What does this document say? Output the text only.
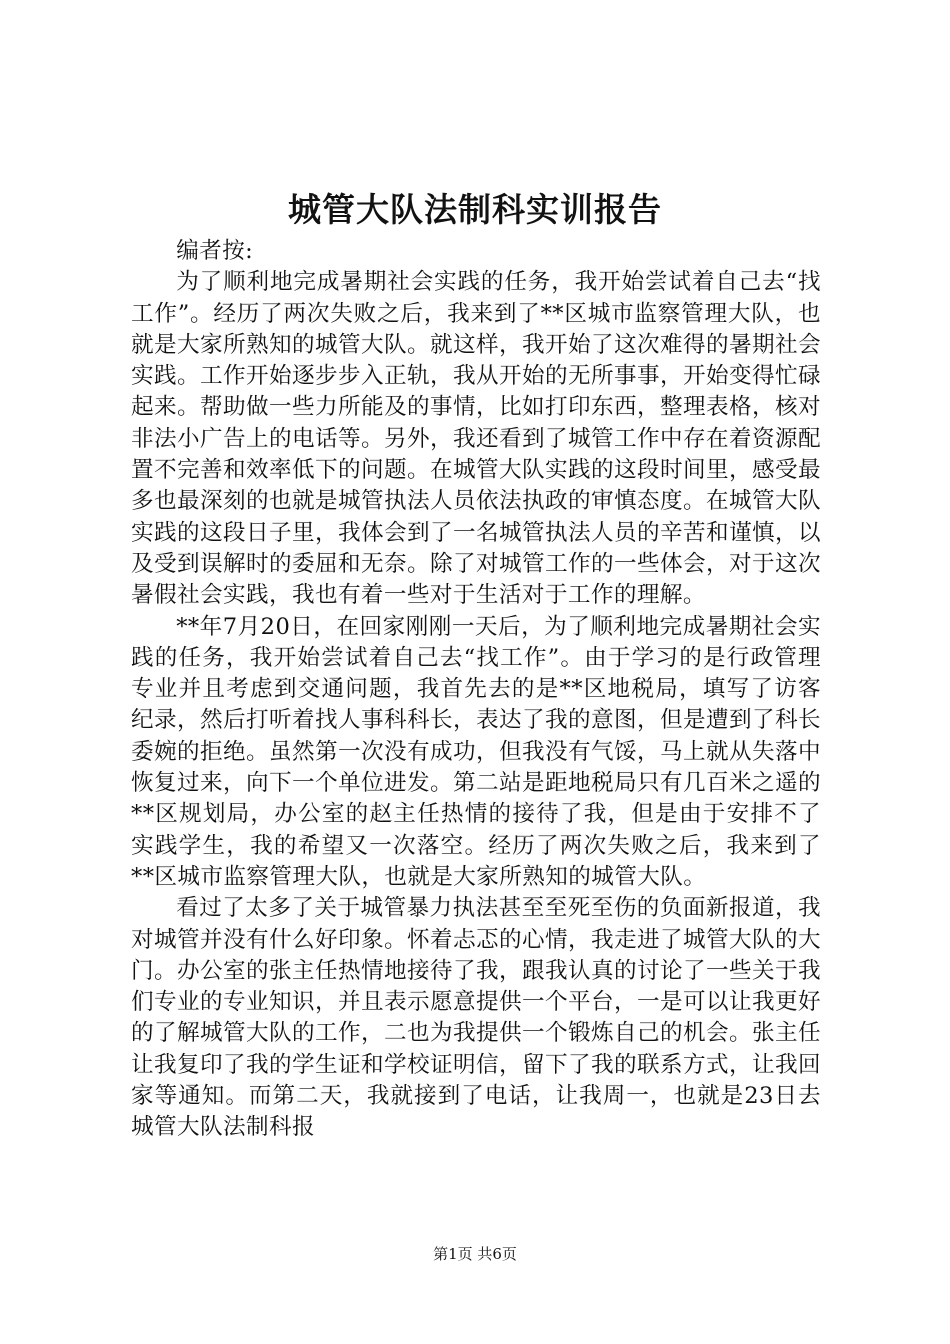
城管大队法制科实训报告

编者按:

为了顺利地完成暑期社会实践的任务，我开始尝试着自己去“找工作”。经历了两次失败之后，我来到了**区城市监察管理大队，也就是大家所熟知的城管大队。就这样，我开始了这次难得的暑期社会实践。工作开始逐步步入正轨，我从开始的无所事事，开始变得忙碌起来。帮助做一些力所能及的事情，比如打印东西，整理表格，核对非法小广告上的电话等。另外，我还看到了城管工作中存在着资源配置不完善和效率低下的问题。在城管大队实践的这段时间里，感受最多也最深刻的也就是城管执法人员依法执政的审慎态度。在城管大队实践的这段日子里，我体会到了一名城管执法人员的辛苦和谨慎，以及受到误解时的委屈和无奈。除了对城管工作的一些体会，对于这次暑假社会实践，我也有着一些对于生活对于工作的理解。

**年7月20日，在回家刚刚一天后，为了顺利地完成暑期社会实践的任务，我开始尝试着自己去“找工作”。由于学习的是行政管理专业并且考虑到交通问题，我首先去的是**区地税局，填写了访客纪录，然后打听着找人事科科长，表达了我的意图，但是遭到了科长委婉的拒绝。虽然第一次没有成功，但我没有气馁，马上就从失落中恢复过来，向下一个单位进发。第二站是距地税局只有几百米之遥的**区规划局，办公室的赵主任热情的接待了我，但是由于安排不了实践学生，我的希望又一次落空。经历了两次失败之后，我来到了**区城市监察管理大队，也就是大家所熟知的城管大队。

看过了太多了关于城管暴力执法甚至至死至伤的负面新报道，我对城管并没有什么好印象。怀着忐忑的心情，我走进了城管大队的大门。办公室的张主任热情地接待了我，跟我认真的讨论了一些关于我们专业的专业知识，并且表示愿意提供一个平台，一是可以让我更好的了解城管大队的工作，二也为我提供一个锻炼自己的机会。张主任让我复印了我的学生证和学校证明信，留下了我的联系方式，让我回家等通知。而第二天，我就接到了电话，让我周一，也就是23日去城管大队法制科报

第1页 共6页
